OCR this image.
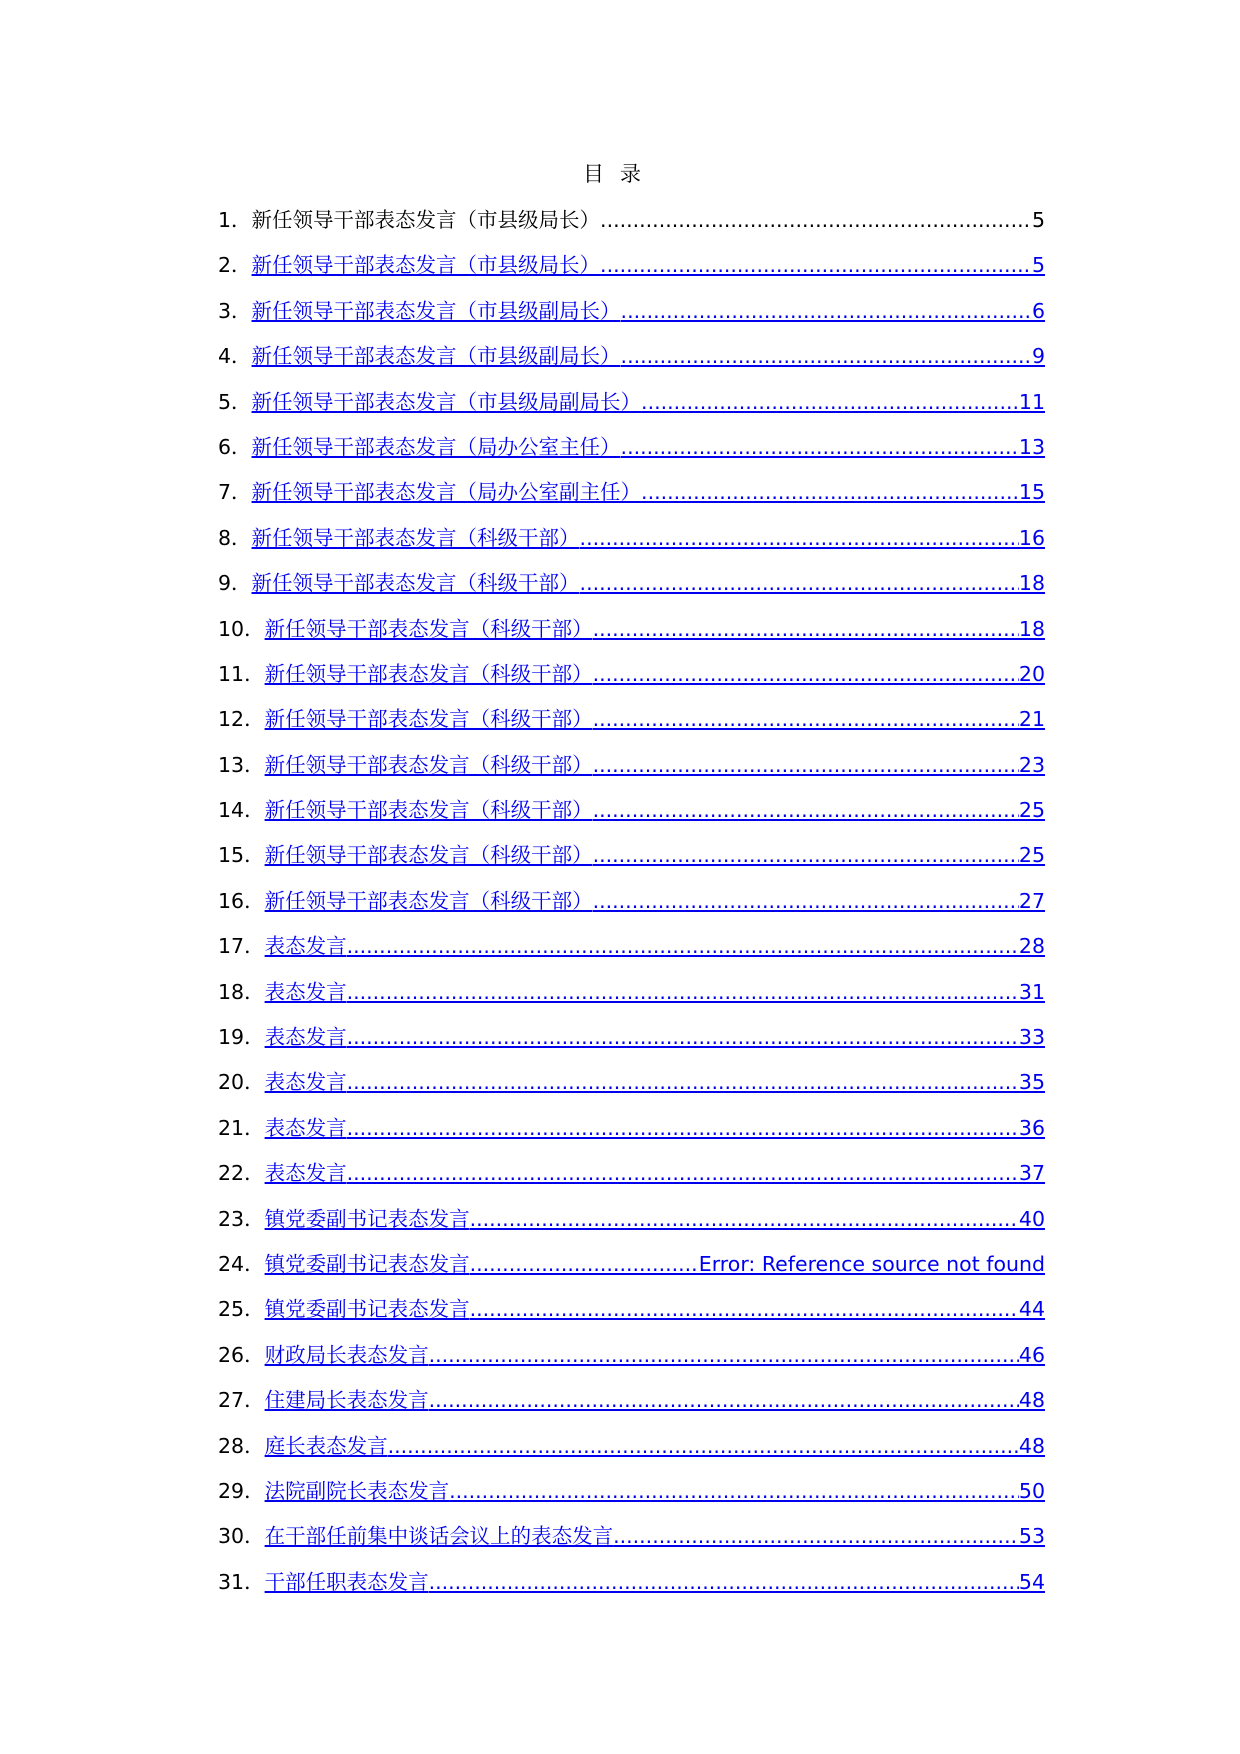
目录
1． 新任领导干部表态发言（市县级局长） .....	5
2． 新任领导干部表态发言（市县级局长） .....	5
3． 新任领导干部表态发言（市县级副局长） .....	6
4． 新任领导干部表态发言（市县级副局长） .....	9
5． 新任领导干部表态发言（市县级局副局长） .....	11
6． 新任领导干部表态发言（局办公室主任） .....	13
7． 新任领导干部表态发言（局办公室副主任） .....	15
8． 新任领导干部表态发言（科级干部） .....	16
9． 新任领导干部表态发言（科级干部） .....	18
10． 新任领导干部表态发言（科级干部） .....	18
11． 新任领导干部表态发言（科级干部） .....	20
12． 新任领导干部表态发言（科级干部） .....	21
13． 新任领导干部表态发言（科级干部） .....	23
14． 新任领导干部表态发言（科级干部） .....	25
15． 新任领导干部表态发言（科级干部） .....	25
16． 新任领导干部表态发言（科级干部） .....	27
17． 表态发言 .....	28
18． 表态发言 .....	31
19． 表态发言 .....	33
20． 表态发言 .....	35
21． 表态发言 .....	36
22． 表态发言 .....	37
23． 镇党委副书记表态发言 .....	40
24． 镇党委副书记表态发言 .....	Error: Reference source not found
25． 镇党委副书记表态发言 .....	44
26． 财政局长表态发言 .....	46
27． 住建局长表态发言 .....	48
28． 庭长表态发言 .....	48
29． 法院副院长表态发言 .....	50
30． 在干部任前集中谈话会议上的表态发言 .....	53
31． 干部任职表态发言 .....	54
